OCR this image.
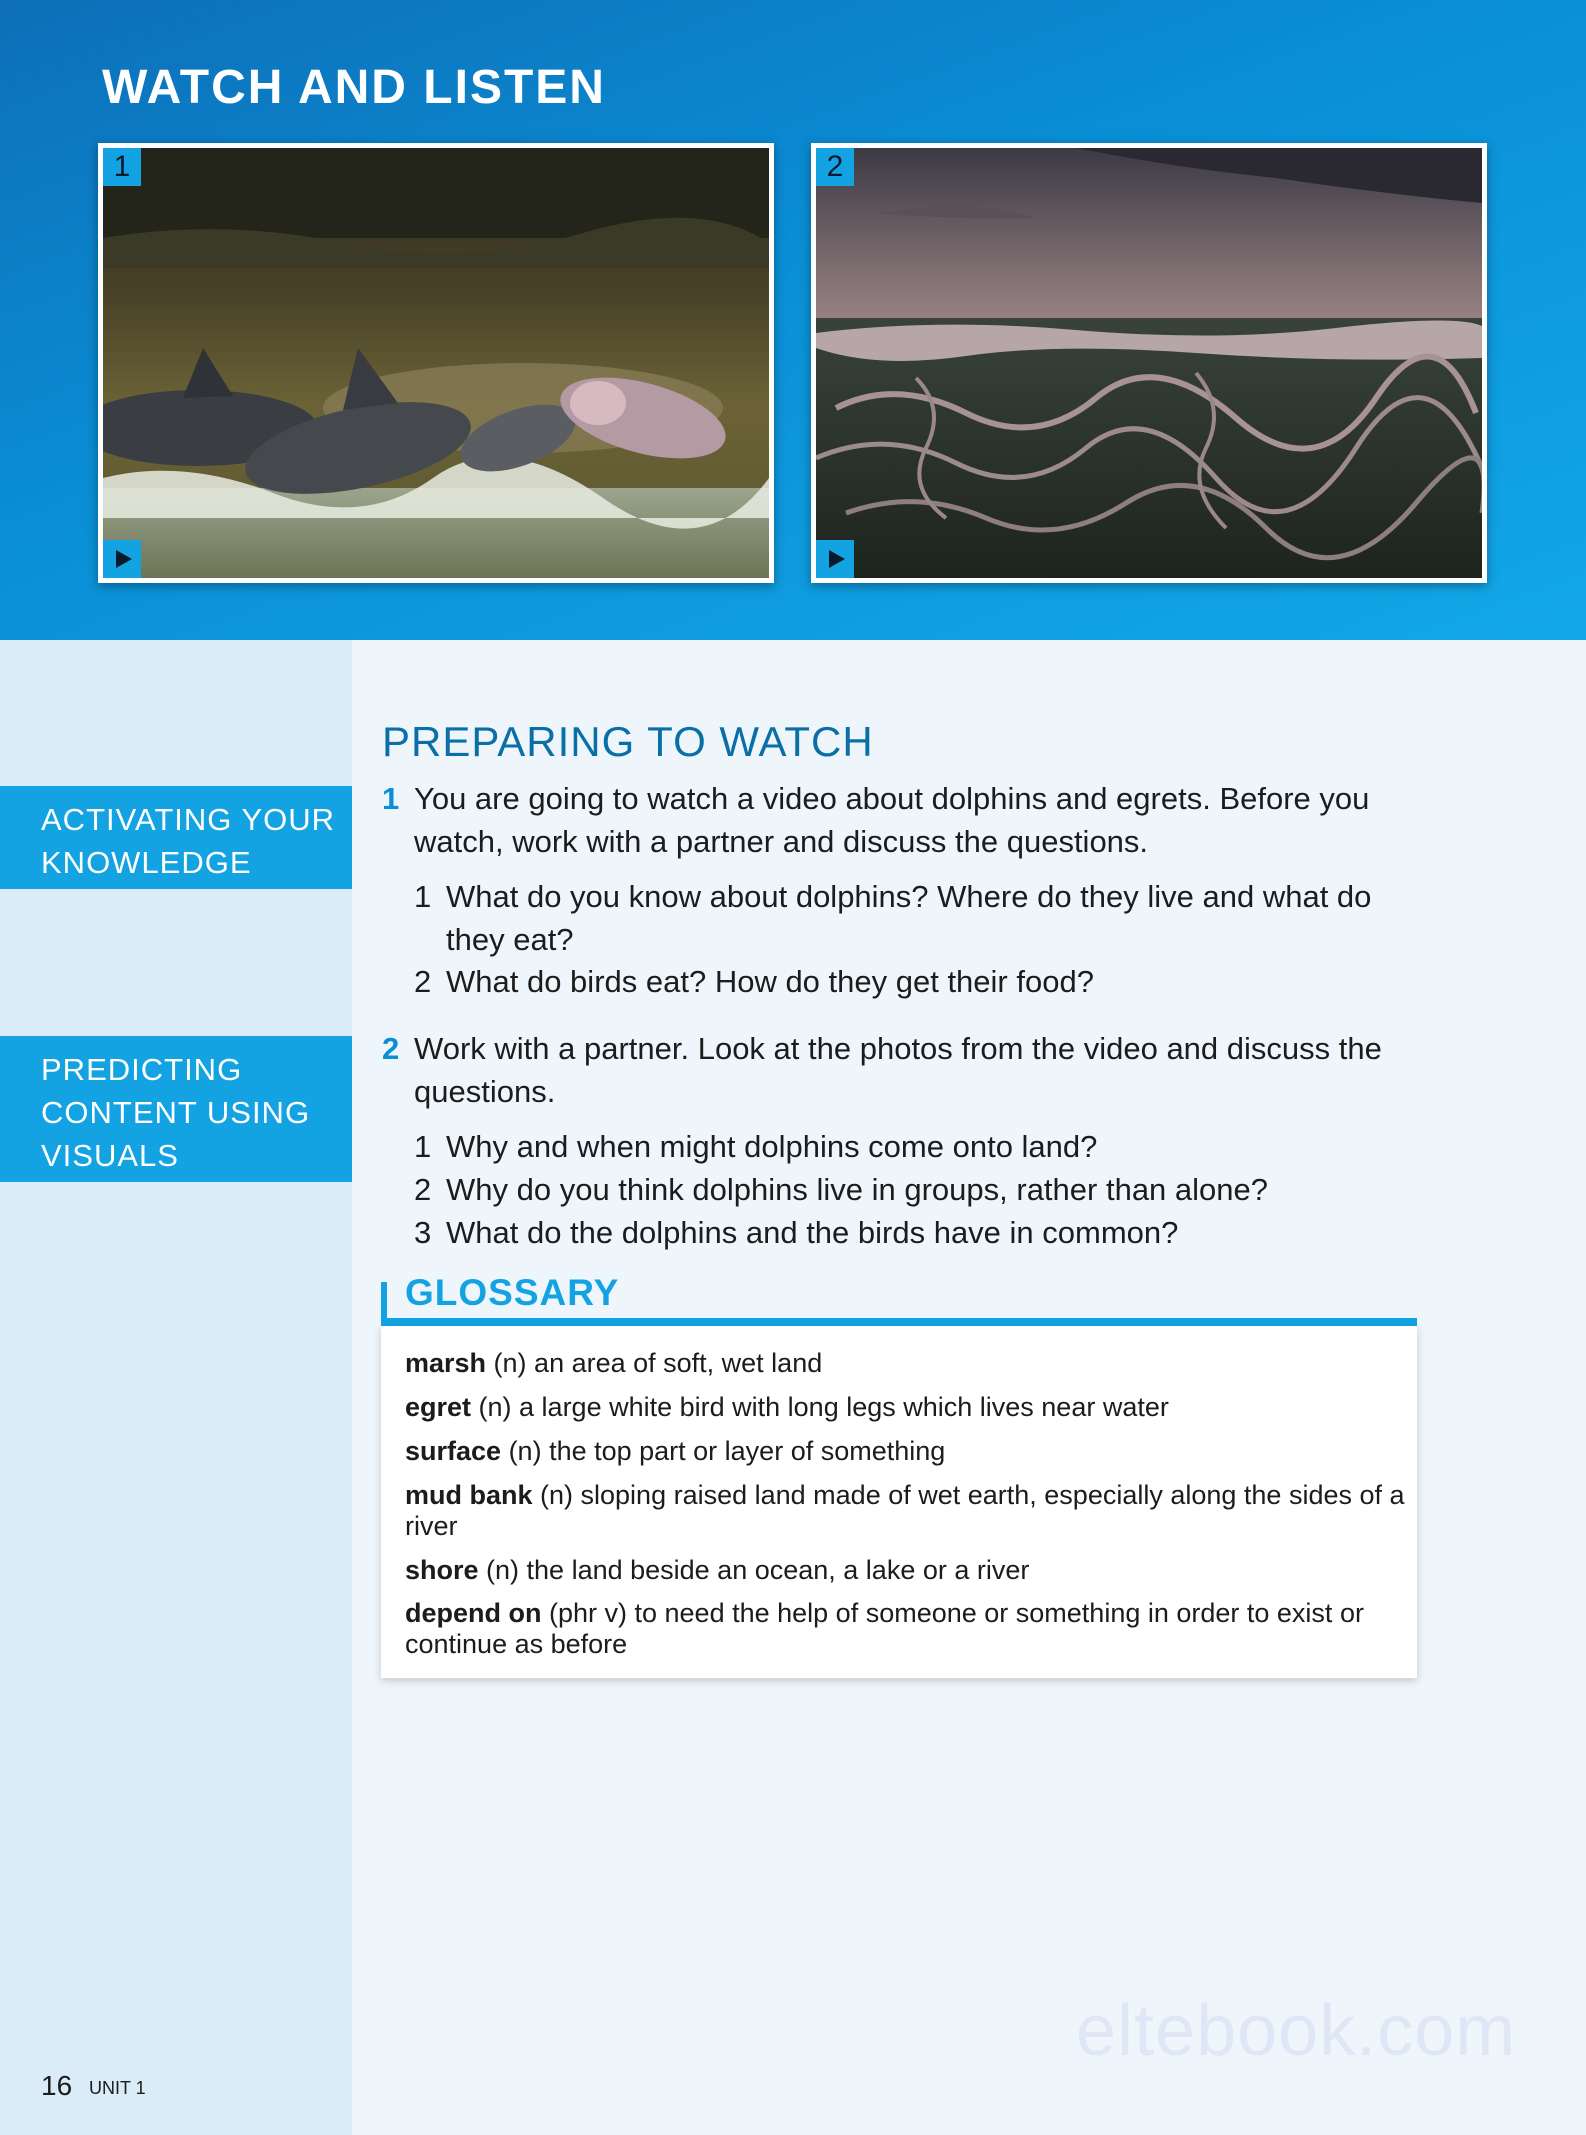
WATCH AND LISTEN
1	2
ACTIVATING YOUR
KNOWLEDGE
PREDICTING
CONTENT USING
VISUALS
PREPARING TO WATCH
1 You are going to watch a video about dolphins and egrets. Before you watch, work with a partner and discuss the questions.
1 What do you know about dolphins? Where do they live and what do they eat?
2 What do birds eat? How do they get their food?
2 Work with a partner. Look at the photos from the video and discuss the questions.
1 Why and when might dolphins come onto land?
2 Why do you think dolphins live in groups, rather than alone?
3 What do the dolphins and the birds have in common?
GLOSSARY
marsh (n) an area of soft, wet land
egret (n) a large white bird with long legs which lives near water
surface (n) the top part or layer of something
mud bank (n) sloping raised land made of wet earth, especially along the sides of a river
shore (n) the land beside an ocean, a lake or a river
depend on (phr v) to need the help of someone or something in order to exist or continue as before
16 UNIT 1
eltebook.com
